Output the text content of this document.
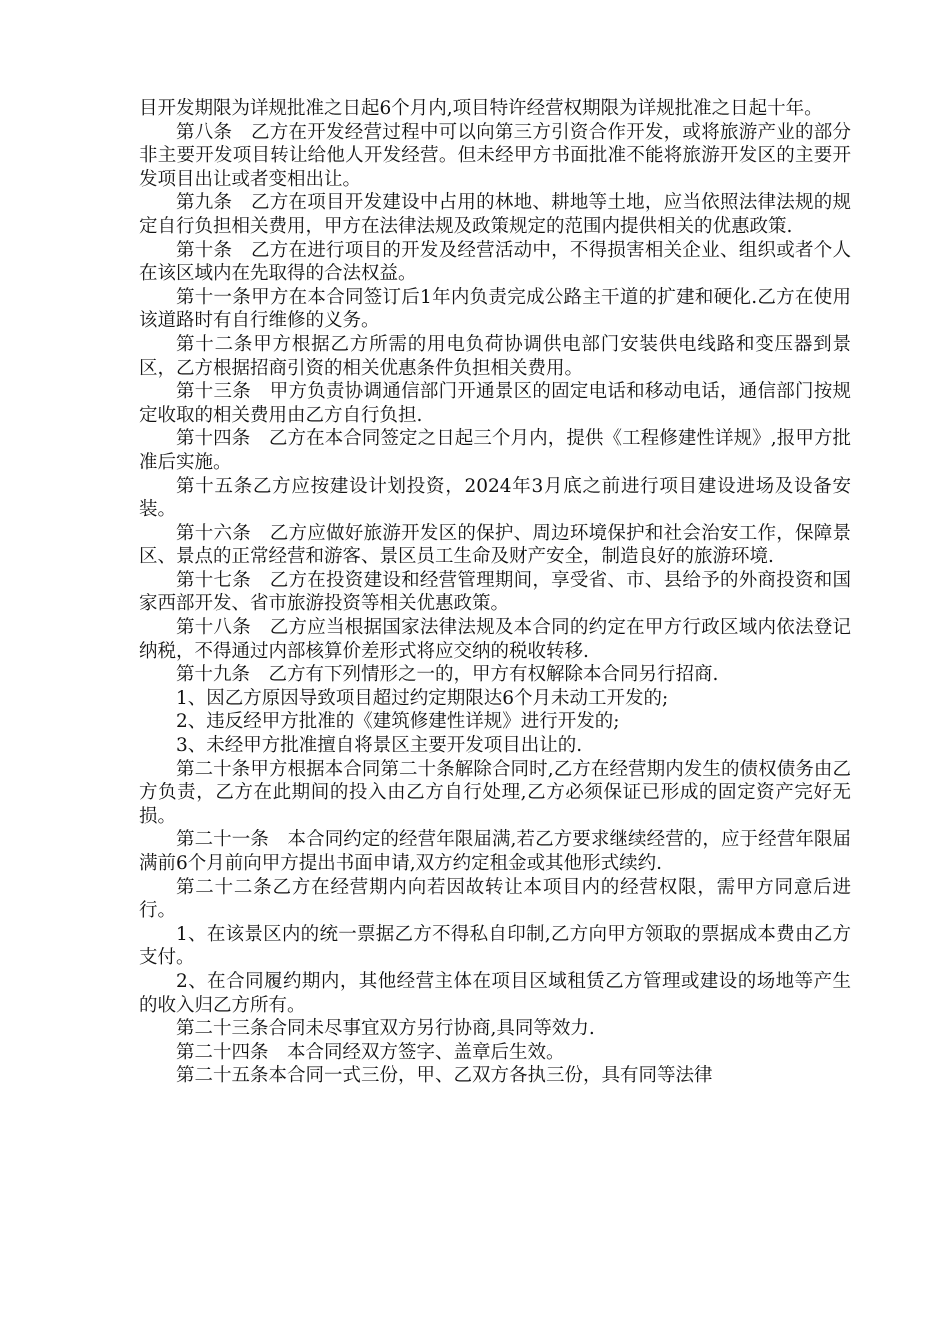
目开发期限为详规批准之日起6个月内,项目特许经营权期限为详规批准之日起十年。

第八条　乙方在开发经营过程中可以向第三方引资合作开发，或将旅游产业的部分非主要开发项目转让给他人开发经营。但未经甲方书面批准不能将旅游开发区的主要开发项目出让或者变相出让。

第九条　乙方在项目开发建设中占用的林地、耕地等土地，应当依照法律法规的规定自行负担相关费用，甲方在法律法规及政策规定的范围内提供相关的优惠政策.

第十条　乙方在进行项目的开发及经营活动中，不得损害相关企业、组织或者个人在该区域内在先取得的合法权益。

第十一条甲方在本合同签订后1年内负责完成公路主干道的扩建和硬化.乙方在使用该道路时有自行维修的义务。

第十二条甲方根据乙方所需的用电负荷协调供电部门安装供电线路和变压器到景区，乙方根据招商引资的相关优惠条件负担相关费用。

第十三条　甲方负责协调通信部门开通景区的固定电话和移动电话，通信部门按规定收取的相关费用由乙方自行负担.

第十四条　乙方在本合同签定之日起三个月内，提供《工程修建性详规》,报甲方批准后实施。

第十五条乙方应按建设计划投资，2024年3月底之前进行项目建设进场及设备安装。

第十六条　乙方应做好旅游开发区的保护、周边环境保护和社会治安工作，保障景区、景点的正常经营和游客、景区员工生命及财产安全，制造良好的旅游环境.

第十七条　乙方在投资建设和经营管理期间，享受省、市、县给予的外商投资和国家西部开发、省市旅游投资等相关优惠政策。

第十八条　乙方应当根据国家法律法规及本合同的约定在甲方行政区域内依法登记纳税，不得通过内部核算价差形式将应交纳的税收转移.

第十九条　乙方有下列情形之一的，甲方有权解除本合同另行招商.

1、因乙方原因导致项目超过约定期限达6个月未动工开发的;

2、违反经甲方批准的《建筑修建性详规》进行开发的;

3、未经甲方批准擅自将景区主要开发项目出让的.

第二十条甲方根据本合同第二十条解除合同时,乙方在经营期内发生的债权债务由乙方负责，乙方在此期间的投入由乙方自行处理,乙方必须保证已形成的固定资产完好无损。

第二十一条　本合同约定的经营年限届满,若乙方要求继续经营的，应于经营年限届满前6个月前向甲方提出书面申请,双方约定租金或其他形式续约.

第二十二条乙方在经营期内向若因故转让本项目内的经营权限，需甲方同意后进行。

1、在该景区内的统一票据乙方不得私自印制,乙方向甲方领取的票据成本费由乙方支付。

2、在合同履约期内，其他经营主体在项目区域租赁乙方管理或建设的场地等产生的收入归乙方所有。

第二十三条合同未尽事宜双方另行协商,具同等效力.

第二十四条　本合同经双方签字、盖章后生效。

第二十五条本合同一式三份，甲、乙双方各执三份，具有同等法律
